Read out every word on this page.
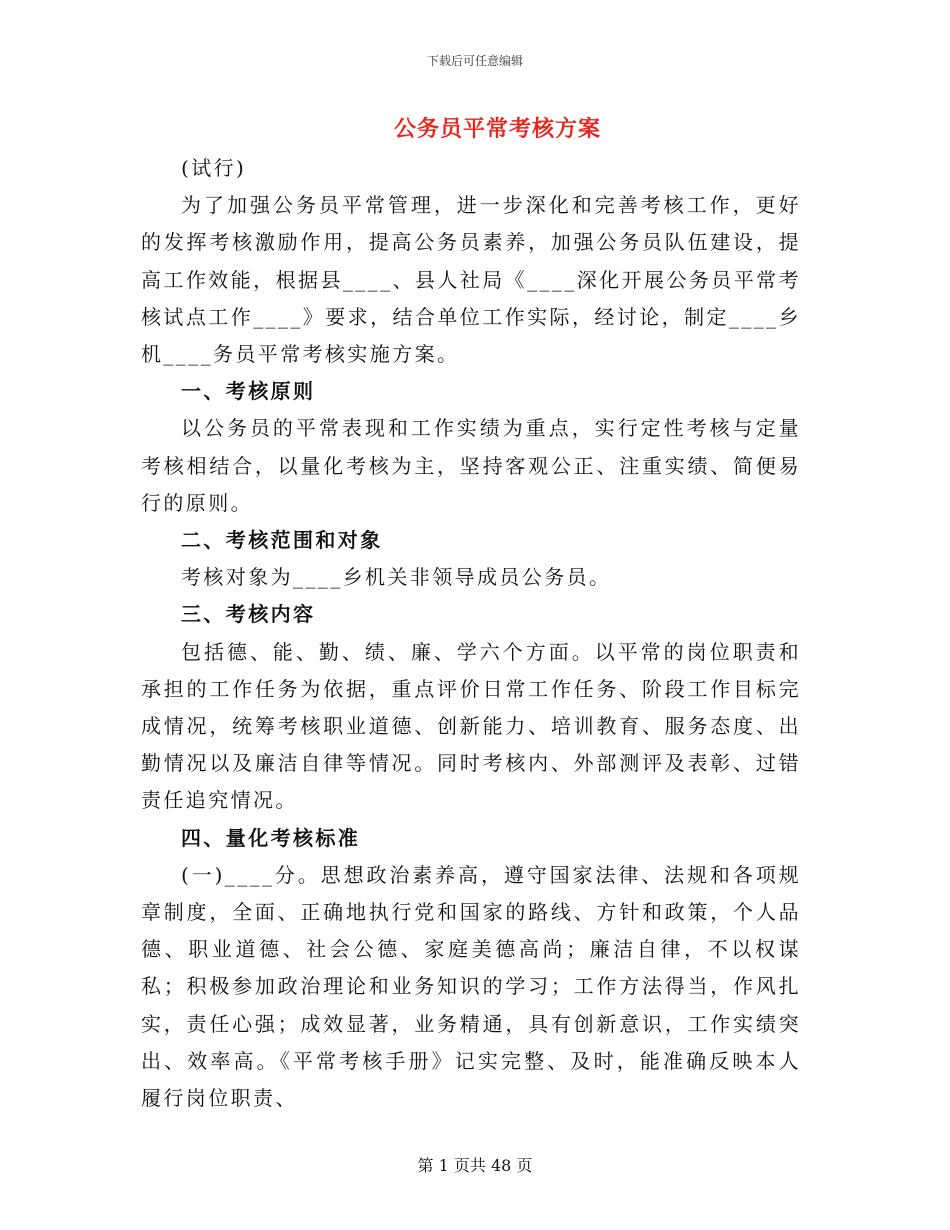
下载后可任意编辑
公务员平常考核方案

(试行)

为了加强公务员平常管理，进一步深化和完善考核工作，更好的发挥考核激励作用，提高公务员素养，加强公务员队伍建设，提高工作效能，根据县____、县人社局《____深化开展公务员平常考核试点工作____》要求，结合单位工作实际，经讨论，制定____乡机____务员平常考核实施方案。

一、考核原则

以公务员的平常表现和工作实绩为重点，实行定性考核与定量考核相结合，以量化考核为主，坚持客观公正、注重实绩、简便易行的原则。

二、考核范围和对象

考核对象为____乡机关非领导成员公务员。

三、考核内容

包括德、能、勤、绩、廉、学六个方面。以平常的岗位职责和承担的工作任务为依据，重点评价日常工作任务、阶段工作目标完成情况，统筹考核职业道德、创新能力、培训教育、服务态度、出勤情况以及廉洁自律等情况。同时考核内、外部测评及表彰、过错责任追究情况。

四、量化考核标准

(一)____分。思想政治素养高，遵守国家法律、法规和各项规章制度，全面、正确地执行党和国家的路线、方针和政策，个人品德、职业道德、社会公德、家庭美德高尚；廉洁自律，不以权谋私；积极参加政治理论和业务知识的学习；工作方法得当，作风扎实，责任心强；成效显著，业务精通，具有创新意识，工作实绩突出、效率高。《平常考核手册》记实完整、及时，能准确反映本人履行岗位职责、

第 1 页共 48 页
